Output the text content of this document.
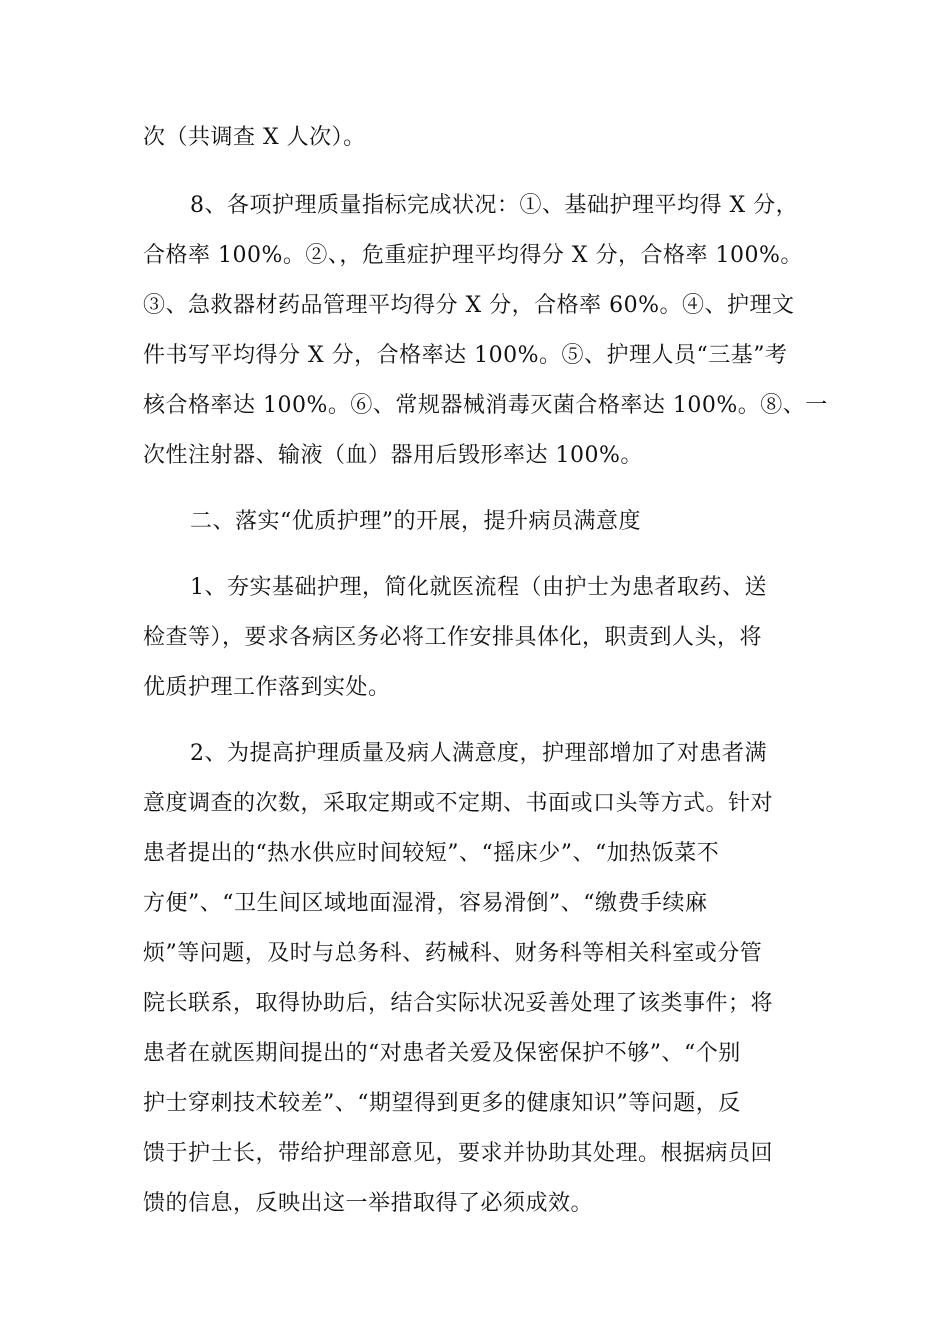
次（共调查 X 人次）。
8、各项护理质量指标完成状况：①、基础护理平均得 X 分，
合格率 100%。②、，危重症护理平均得分 X 分，合格率 100%。
③、急救器材药品管理平均得分 X 分，合格率 60%。④、护理文
件书写平均得分 X 分，合格率达 100%。⑤、护理人员“三基”考
核合格率达 100%。⑥、常规器械消毒灭菌合格率达 100%。⑧、一
次性注射器、输液（血）器用后毁形率达 100%。
二、落实“优质护理”的开展，提升病员满意度
1、夯实基础护理，简化就医流程（由护士为患者取药、送
检查等），要求各病区务必将工作安排具体化，职责到人头，将
优质护理工作落到实处。
2、为提高护理质量及病人满意度，护理部增加了对患者满
意度调查的次数，采取定期或不定期、书面或口头等方式。针对
患者提出的“热水供应时间较短”、“摇床少”、“加热饭菜不
方便”、“卫生间区域地面湿滑，容易滑倒”、“缴费手续麻
烦”等问题，及时与总务科、药械科、财务科等相关科室或分管
院长联系，取得协助后，结合实际状况妥善处理了该类事件；将
患者在就医期间提出的“对患者关爱及保密保护不够”、“个别
护士穿刺技术较差”、“期望得到更多的健康知识”等问题，反
馈于护士长，带给护理部意见，要求并协助其处理。根据病员回
馈的信息，反映出这一举措取得了必须成效。
